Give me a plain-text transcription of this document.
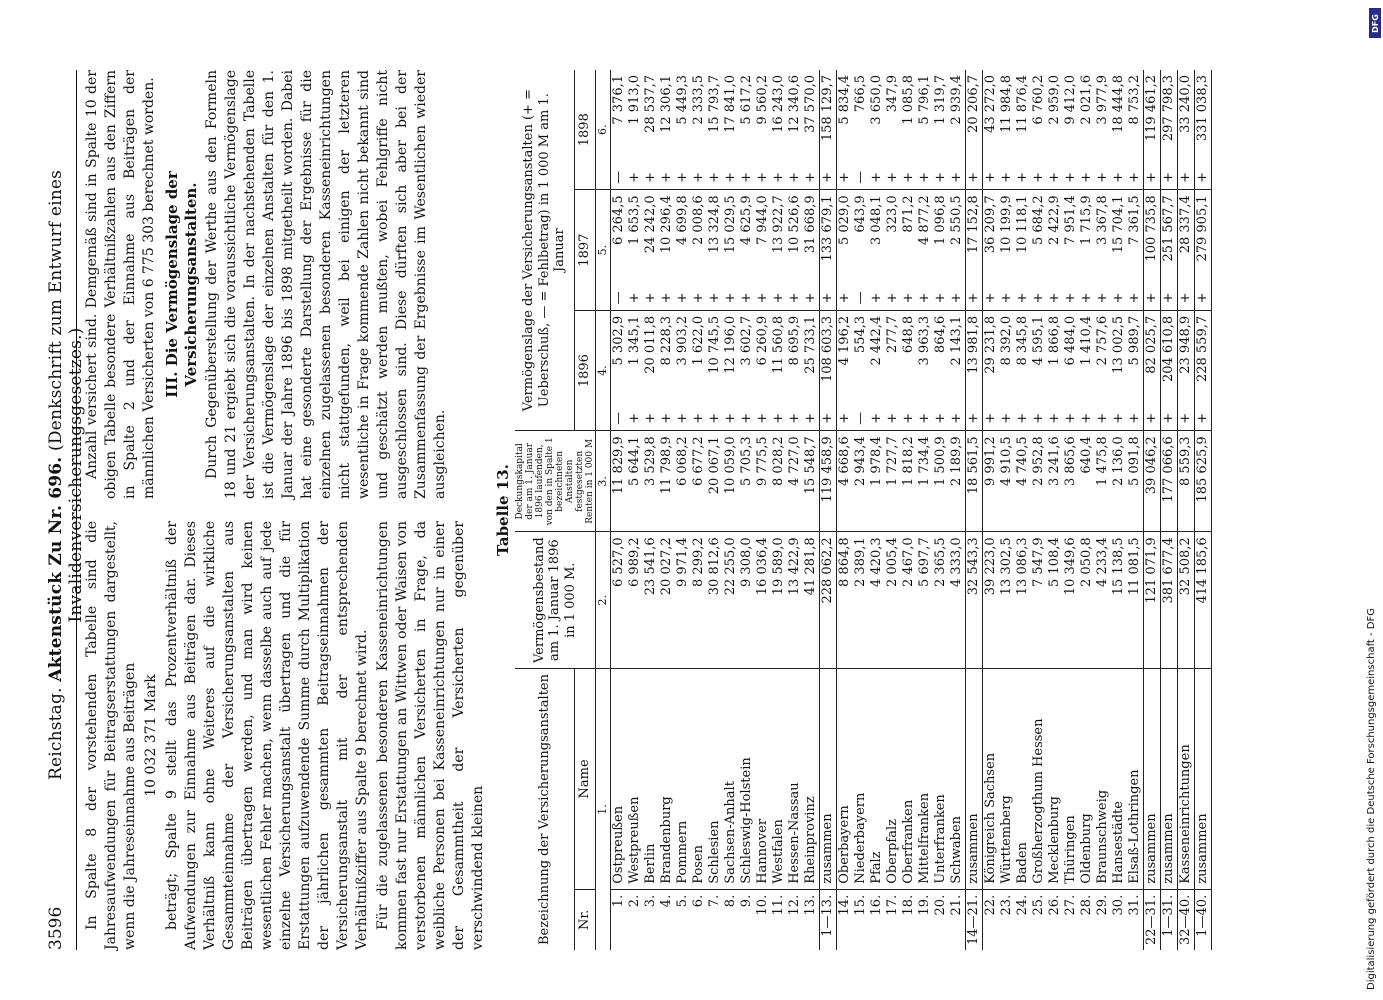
3596
Reichstag. Aktenstück Zu Nr. 696. (Denkschrift zum Entwurf eines Invalidenversicherungsgesetzes.)

In Spalte 8 der vorstehenden Tabelle sind die Jahresaufwendungen für Beitragserstattungen dargestellt, wenn die Jahreseinnahme aus Beiträgen 10 032 371 Mark beträgt; Spalte 9 stellt das Prozentverhältniß der Aufwendungen zur Einnahme aus Beiträgen dar. Dieses Verhältniß kann ohne Weiteres auf die wirkliche Gesammteinnahme der Versicherungsanstalten aus Beiträgen übertragen werden, und man wird keinen wesentlichen Fehler machen, wenn dasselbe auch auf jede einzelne Versicherungsanstalt übertragen und die für Erstattungen aufzuwendende Summe durch Multiplikation der jährlichen gesammten Beitragseinnahmen der Versicherungsanstalt mit der entsprechenden Verhältnißziffer aus Spalte 9 berechnet wird. Für die zugelassenen besonderen Kasseneinrichtungen kommen fast nur Erstattungen an Wittwen oder Waisen von verstorbenen männlichen Versicherten in Frage, da weibliche Personen bei Kasseneinrichtungen nur in einer der Gesammtheit der Versicherten gegenüber verschwindend kleinen

Anzahl versichert sind. Demgemäß sind in Spalte 10 der obigen Tabelle besondere Verhältnißzahlen aus den Ziffern in Spalte 2 und der Einnahme aus Beiträgen der männlichen Versicherten von 6 775 303 berechnet worden. III. Die Vermögenslage der Versicherungsanstalten. Durch Gegenüberstellung der Werthe aus den Formeln 18 und 21 ergiebt sich die voraussichtliche Vermögenslage der Versicherungsanstalten. In der nachstehenden Tabelle ist die Vermögenslage der einzelnen Anstalten für den 1. Januar der Jahre 1896 bis 1898 mitgetheilt worden. Dabei hat eine gesonderte Darstellung der Ergebnisse für die einzelnen zugelassenen besonderen Kasseneinrichtungen nicht stattgefunden, weil bei einigen der letzteren wesentliche in Frage kommende Zahlen nicht bekannt sind und geschätzt werden mußten, wobei Fehlgriffe nicht ausgeschlossen sind. Diese dürften sich aber bei der Zusammenfassung der Ergebnisse im Wesentlichen wieder ausgleichen.

Tabelle 13.
Bezeichnung der Versicherungsanstalten		Vermögensbestand am 1. Januar 1896 in 1 000 M.	Deckungskapital der am 1. Januar 1896 laufenden, von den in Spalte 1 bezeichneten Anstalten festgesetzten Renten in 1 000 M	Vermögenslage der Versicherungsanstalten (+ = Ueberschuß, — = Fehlbetrag) in 1 000 M am 1. Januar					

Nr.	Name			1896		1897		1898	
1.		2.	3.	4.		5.		6.	
1.	Ostpreußen	6 527,0	11 829,9	—	5 302,9	—	6 264,5	—	7 376,1
2.	Westpreußen	6 989,2	5 644,1	+	1 345,1	+	1 653,5	+	1 913,0
3.	Berlin	23 541,6	3 529,8	+	20 011,8	+	24 242,0	+	28 537,7
4.	Brandenburg	20 027,2	11 798,9	+	8 228,3	+	10 296,4	+	12 306,1
5.	Pommern	9 971,4	6 068,2	+	3 903,2	+	4 699,8	+	5 449,3
6.	Posen	8 299,2	6 677,2	+	1 622,0	+	2 008,6	+	2 333,5
7.	Schlesien	30 812,6	20 067,1	+	10 745,5	+	13 324,8	+	15 793,7
8.	Sachsen-Anhalt	22 255,0	10 059,0	+	12 196,0	+	15 029,5	+	17 841,0
9.	Schleswig-Holstein	9 308,0	5 705,3	+	3 602,7	+	4 625,9	+	5 617,2
10.	Hannover	16 036,4	9 775,5	+	6 260,9	+	7 944,0	+	9 560,2
11.	Westfalen	19 589,0	8 028,2	+	11 560,8	+	13 922,7	+	16 243,0
12.	Hessen-Nassau	13 422,9	4 727,0	+	8 695,9	+	10 526,6	+	12 340,6
13.	Rheinprovinz	41 281,8	15 548,7	+	25 733,1	+	31 668,9	+	37 570,0
1—13.	zusammen	228 062,2	119 458,9	+	108 603,3	+	133 679,1	+	158 129,7
14.	Oberbayern	8 864,8	4 668,6	+	4 196,2	+	5 029,0	+	5 834,4
15.	Niederbayern	2 389,1	2 943,4	—	554,3	—	643,9	—	766,5
16.	Pfalz	4 420,3	1 978,4	+	2 442,4	+	3 048,1	+	3 650,0
17.	Oberpfalz	2 005,4	1 727,7	+	277,7	+	323,0	+	347,9
18.	Oberfranken	2 467,0	1 818,2	+	648,8	+	871,2	+	1 085,8
19.	Mittelfranken	5 697,7	1 734,4	+	3 963,3	+	4 877,2	+	5 796,1
20.	Unterfranken	2 365,5	1 500,9	+	864,6	+	1 096,8	+	1 319,7
21.	Schwaben	4 333,0	2 189,9	+	2 143,1	+	2 550,5	+	2 939,4
14—21.	zusammen	32 543,3	18 561,5	+	13 981,8	+	17 152,8	+	20 206,7
22.	Königreich Sachsen	39 223,0	9 991,2	+	29 231,8	+	36 209,7	+	43 272,0
23.	Württemberg	13 302,5	4 910,5	+	8 392,0	+	10 199,9	+	11 984,8
24.	Baden	13 086,3	4 740,5	+	8 345,8	+	10 118,1	+	11 876,4
25.	Großherzogthum Hessen	7 547,9	2 952,8	+	4 595,1	+	5 684,2	+	6 760,2
26.	Mecklenburg	5 108,4	3 241,6	+	1 866,8	+	2 422,9	+	2 959,0
27.	Thüringen	10 349,6	3 865,6	+	6 484,0	+	7 951,4	+	9 412,0
28.	Oldenburg	2 050,8	640,4	+	1 410,4	+	1 715,9	+	2 021,6
29.	Braunschweig	4 233,4	1 475,8	+	2 757,6	+	3 367,8	+	3 977,9
30.	Hansestädte	15 138,5	2 136,0	+	13 002,5	+	15 704,1	+	18 444,8
31.	Elsaß-Lothringen	11 081,5	5 091,8	+	5 989,7	+	7 361,5	+	8 753,2
22—31.	zusammen	121 071,9	39 046,2	+	82 025,7	+	100 735,8	+	119 461,2
1—31.	zusammen	381 677,4	177 066,6	+	204 610,8	+	251 567,7	+	297 798,3
32—40.	Kasseneinrichtungen	32 508,2	8 559,3	+	23 948,9	+	28 337,4	+	33 240,0
1—40.	zusammen	414 185,6	185 625,9	+	228 559,7	+	279 905,1	+	331 038,3
Digitalisierung gefördert durch die Deutsche Forschungsgemeinschaft - DFG
DFG
